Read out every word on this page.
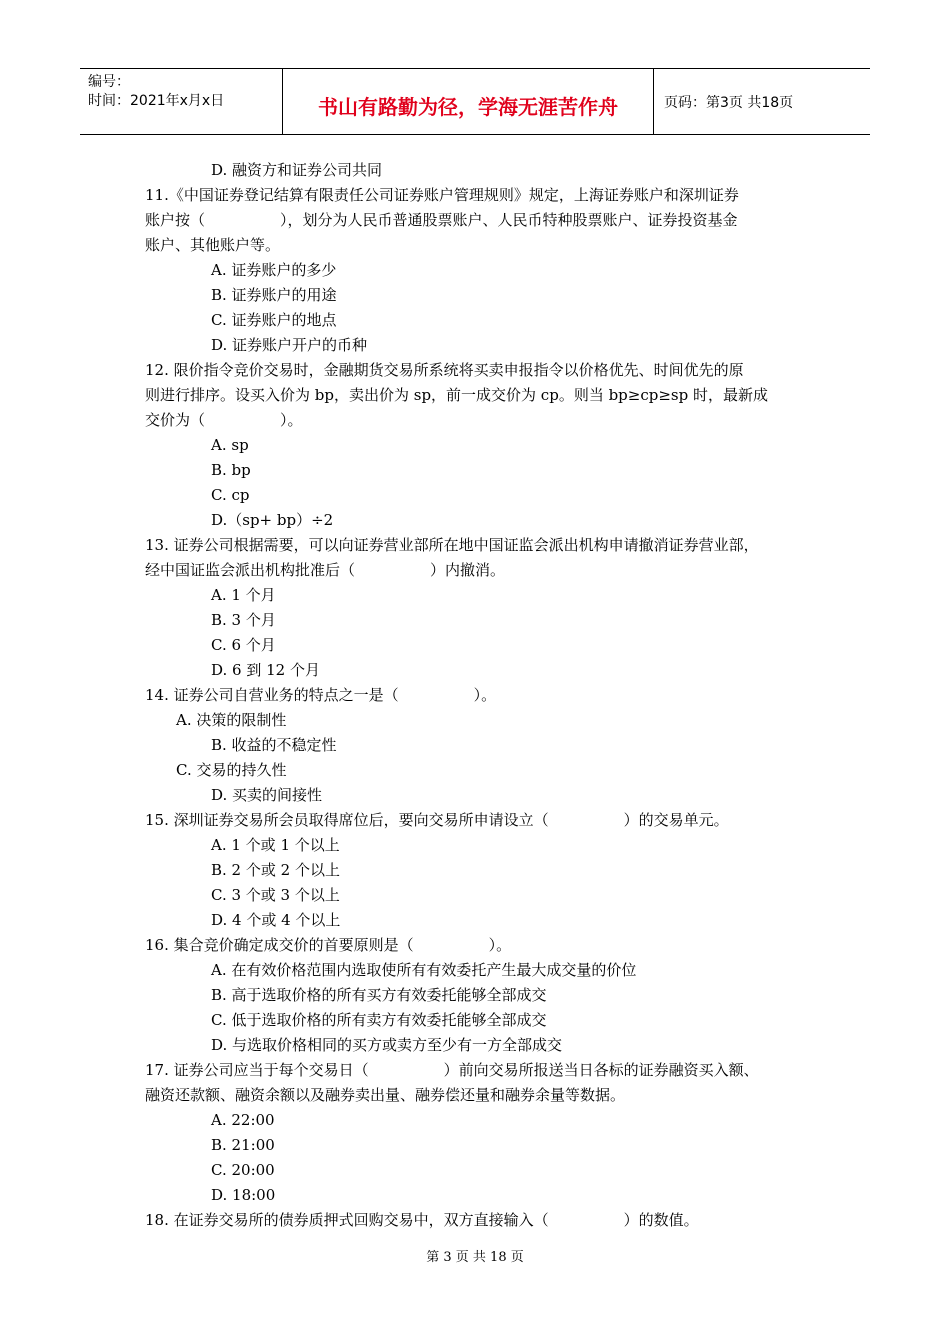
编号：
时间：2021年x月x日	书山有路勤为径，学海无涯苦作舟	页码：第3页 共18页
D. 融资方和证券公司共同
11.《中国证券登记结算有限责任公司证券账户管理规则》规定，上海证券账户和深圳证券
账户按（　　　　　），划分为人民币普通股票账户、人民币特种股票账户、证券投资基金
账户、其他账户等。
A. 证券账户的多少
B. 证券账户的用途
C. 证券账户的地点
D. 证券账户开户的币种
12. 限价指令竞价交易时，金融期货交易所系统将买卖申报指令以价格优先、时间优先的原
则进行排序。设买入价为 bp，卖出价为 sp，前一成交价为 cp。则当 bp≥cp≥sp 时，最新成
交价为（　　　　　）。
A. sp
B. bp
C. cp
D.（sp+ bp）÷2
13. 证券公司根据需要，可以向证券营业部所在地中国证监会派出机构申请撤消证券营业部，
经中国证监会派出机构批准后（　　　　　）内撤消。
A. 1 个月
B. 3 个月
C. 6 个月
D. 6 到 12 个月
14. 证券公司自营业务的特点之一是（　　　　　）。
A. 决策的限制性
B. 收益的不稳定性
C. 交易的持久性
D. 买卖的间接性
15. 深圳证券交易所会员取得席位后，要向交易所申请设立（　　　　　）的交易单元。
A. 1 个或 1 个以上
B. 2 个或 2 个以上
C. 3 个或 3 个以上
D. 4 个或 4 个以上
16. 集合竞价确定成交价的首要原则是（　　　　　）。
A. 在有效价格范围内选取使所有有效委托产生最大成交量的价位
B. 高于选取价格的所有买方有效委托能够全部成交
C. 低于选取价格的所有卖方有效委托能够全部成交
D. 与选取价格相同的买方或卖方至少有一方全部成交
17. 证券公司应当于每个交易日（　　　　　）前向交易所报送当日各标的证券融资买入额、
融资还款额、融资余额以及融券卖出量、融券偿还量和融券余量等数据。
A. 22:00
B. 21:00
C. 20:00
D. 18:00
18. 在证券交易所的债券质押式回购交易中，双方直接输入（　　　　　）的数值。
第 3 页 共 18 页
